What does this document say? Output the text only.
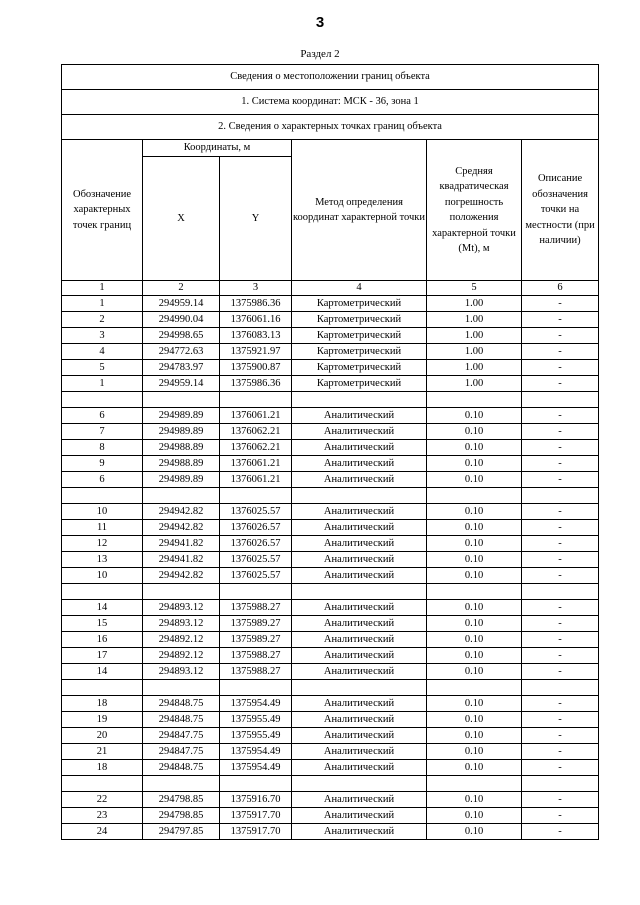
3
Раздел 2
Сведения о местоположении границ объекта					
1. Система координат: МСК - 36, зона 1					
2. Сведения о характерных точках границ объекта					
Обозначение характерных точек границ	Координаты, м		Метод определения координат характерной точки	Средняя квадратическая погрешность положения характерной точки (Mt), м	Описание обозначения точки на местности (при наличии)
	X	Y			
1	2	3	4	5	6
1	294959.14	1375986.36	Картометрический	1.00	-
2	294990.04	1376061.16	Картометрический	1.00	-
3	294998.65	1376083.13	Картометрический	1.00	-
4	294772.63	1375921.97	Картометрический	1.00	-
5	294783.97	1375900.87	Картометрический	1.00	-
1	294959.14	1375986.36	Картометрический	1.00	-

6	294989.89	1376061.21	Аналитический	0.10	-
7	294989.89	1376062.21	Аналитический	0.10	-
8	294988.89	1376062.21	Аналитический	0.10	-
9	294988.89	1376061.21	Аналитический	0.10	-
6	294989.89	1376061.21	Аналитический	0.10	-

10	294942.82	1376025.57	Аналитический	0.10	-
11	294942.82	1376026.57	Аналитический	0.10	-
12	294941.82	1376026.57	Аналитический	0.10	-
13	294941.82	1376025.57	Аналитический	0.10	-
10	294942.82	1376025.57	Аналитический	0.10	-

14	294893.12	1375988.27	Аналитический	0.10	-
15	294893.12	1375989.27	Аналитический	0.10	-
16	294892.12	1375989.27	Аналитический	0.10	-
17	294892.12	1375988.27	Аналитический	0.10	-
14	294893.12	1375988.27	Аналитический	0.10	-

18	294848.75	1375954.49	Аналитический	0.10	-
19	294848.75	1375955.49	Аналитический	0.10	-
20	294847.75	1375955.49	Аналитический	0.10	-
21	294847.75	1375954.49	Аналитический	0.10	-
18	294848.75	1375954.49	Аналитический	0.10	-

22	294798.85	1375916.70	Аналитический	0.10	-
23	294798.85	1375917.70	Аналитический	0.10	-
24	294797.85	1375917.70	Аналитический	0.10	-
